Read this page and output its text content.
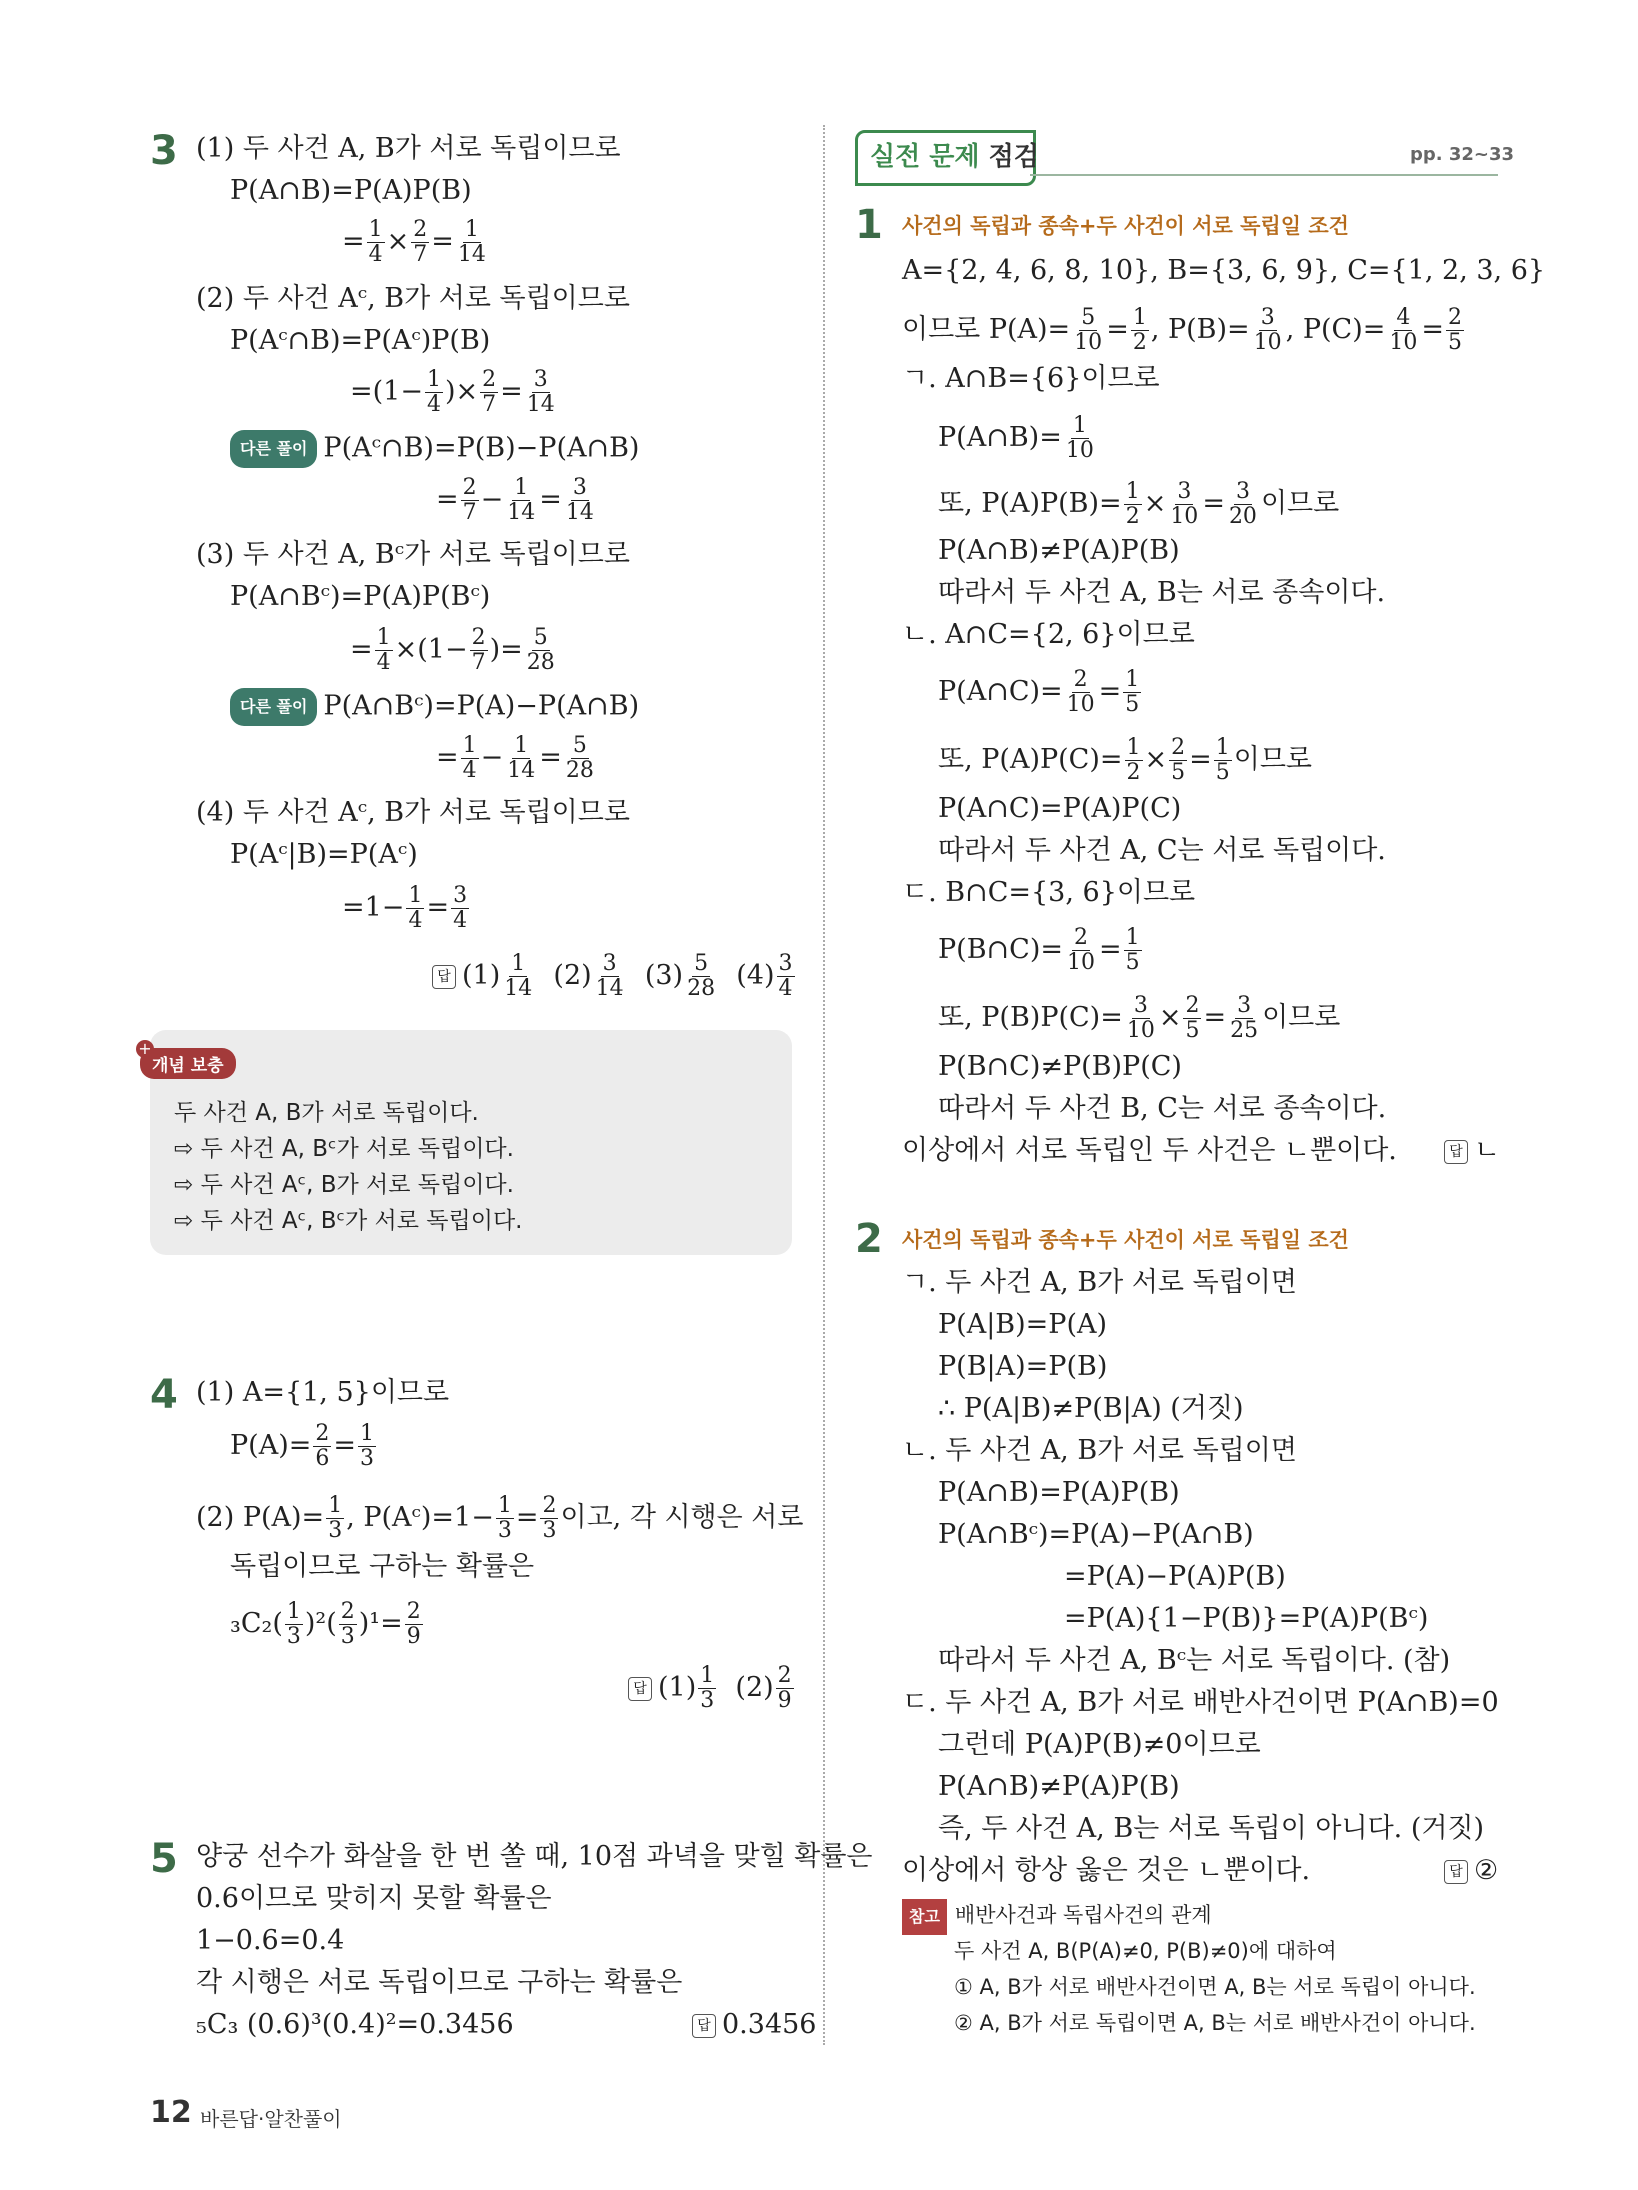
3 (1) 두 사건 A, B가 서로 독립이므로
P(A∩B)=P(A)P(B)
= $\frac{1}{4} \times \frac{2}{7} = \frac{1}{14}$
(2) 두 사건 Aᶜ, B가 서로 독립이므로
P(Aᶜ∩B)=P(Aᶜ)P(B)
$=(1- \frac{1}{4}$ )× $\frac{2}{7} = \frac{3}{14}$
다른 풀이 P(Aᶜ∩B)=P(B)−P(A∩B)
= $\frac{2}{7} - \frac{1}{14} = \frac{3}{14}$
(3) 두 사건 A, Bᶜ가 서로 독립이므로
P(A∩Bᶜ)=P(A)P(Bᶜ)
= $\frac{1}{4} \times(1- \frac{2}{7}$ )= $\frac{5}{28}$
다른 풀이 P(A∩Bᶜ)=P(A)−P(A∩B)
= $\frac{1}{4} - \frac{1}{14} = \frac{5}{28}$
(4) 두 사건 Aᶜ, B가 서로 독립이므로
P(Aᶜ|B)=P(Aᶜ)
$=1- \frac{1}{4} = \frac{3}{4}$
답 $(1) \frac{1}{14} (2) \frac{3}{14} (3) \frac{5}{28} (4) \frac{3}{4}$
개념 보충
+
두 사건 A, B가 서로 독립이다.
⇨ 두 사건 A, Bᶜ가 서로 독립이다.
⇨ 두 사건 Aᶜ, B가 서로 독립이다.
⇨ 두 사건 Aᶜ, Bᶜ가 서로 독립이다.
4 (1) A={1, 5}이므로
$P(A)= \frac{2}{6} = \frac{1}{3}$
(2) $P(A)= \frac{1}{3}$ , P(Aᶜ)=1− $\frac{1}{3} = \frac{2}{3}$ 이고, 각 시행은 서로
독립이므로 구하는 확률은
$_3C_2( \frac{1}{3} )^2( \frac{2}{3} )^1= \frac{2}{9}$
답 $(1) \frac{1}{3} (2) \frac{2}{9}$
5 양궁 선수가 화살을 한 번 쏠 때, 10점 과녁을 맞힐 확률은
0.6이므로 맞히지 못할 확률은
1−0.6=0.4
각 시행은 서로 독립이므로 구하는 확률은
₅C₃ (0.6)³(0.4)²=0.3456	답 0.3456
실전 문제 점검	pp. 32~33
1 사건의 독립과 종속+두 사건이 서로 독립일 조건
A={2, 4, 6, 8, 10}, B={3, 6, 9}, C={1, 2, 3, 6}
이므로 $P(A)= \frac{5}{10} = \frac{1}{2}$ , $P(B)= \frac{3}{10}$ , $P(C)= \frac{4}{10} = \frac{2}{5}$
ㄱ. A∩B={6}이므로
P(A∩B)= $\frac{1}{10}$
또, $P(A)P(B)= \frac{1}{2} \times \frac{3}{10} = \frac{3}{20}$ 이므로
P(A∩B)≠P(A)P(B)
따라서 두 사건 A, B는 서로 종속이다.
ㄴ. A∩C={2, 6}이므로
P(A∩C)= $\frac{2}{10} = \frac{1}{5}$
또, $P(A)P(C)= \frac{1}{2} \times \frac{2}{5} = \frac{1}{5}$ 이므로
P(A∩C)=P(A)P(C)
따라서 두 사건 A, C는 서로 독립이다.
ㄷ. B∩C={3, 6}이므로
P(B∩C)= $\frac{2}{10} = \frac{1}{5}$
또, $P(B)P(C)= \frac{3}{10} \times \frac{2}{5} = \frac{3}{25}$ 이므로
P(B∩C)≠P(B)P(C)
따라서 두 사건 B, C는 서로 종속이다.
이상에서 서로 독립인 두 사건은 ㄴ뿐이다.	답 ㄴ
2 사건의 독립과 종속+두 사건이 서로 독립일 조건
ㄱ. 두 사건 A, B가 서로 독립이면
P(A|B)=P(A)
P(B|A)=P(B)
∴ P(A|B)≠P(B|A) (거짓)
ㄴ. 두 사건 A, B가 서로 독립이면
P(A∩B)=P(A)P(B)
P(A∩Bᶜ)=P(A)−P(A∩B)
=P(A)−P(A)P(B)
=P(A){1−P(B)}=P(A)P(Bᶜ)
따라서 두 사건 A, Bᶜ는 서로 독립이다. (참)
ㄷ. 두 사건 A, B가 서로 배반사건이면 P(A∩B)=0
그런데 P(A)P(B)≠0이므로
P(A∩B)≠P(A)P(B)
즉, 두 사건 A, B는 서로 독립이 아니다. (거짓)
이상에서 항상 옳은 것은 ㄴ뿐이다.	답 ②
참고 배반사건과 독립사건의 관계
두 사건 A, B(P(A)≠0, P(B)≠0)에 대하여
① A, B가 서로 배반사건이면 A, B는 서로 독립이 아니다.
② A, B가 서로 독립이면 A, B는 서로 배반사건이 아니다.
12 바른답·알찬풀이
